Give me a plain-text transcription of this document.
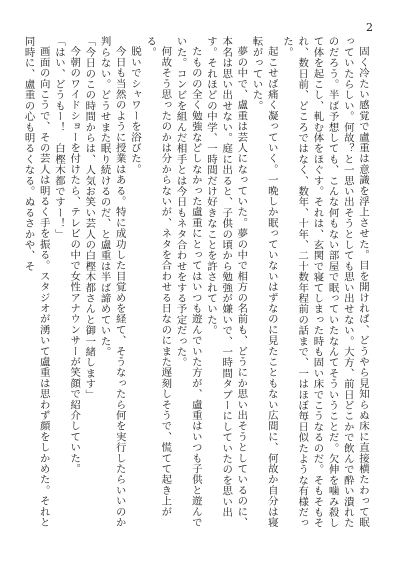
2

固く冷たい感覚で盧重は意識を浮上させた。目を開けれぱ、どうやら見知らぬ床に直接横たわって眠っていたらしい。何故？と一思い出そうとしても思い出せない。大方、前日どこかで飲んで酔い潰れたのだろう。半ば予想しても、こんな何もない部屋で眠っていたなんてそういうことだ。欠伸を噛み殺して体を起こし、軋む体をほぐす。それは、玄関で寝てしまった時も固い床でこうなるのだ。そもそもそれ、数日前、どころではなく、数年、十年、二十数年程前の話まで、一はほぼ毎日似たような有様だった。

起こせば痛く凝っていく。一晩しか眠っていないはずなのに見たこともない広間に、何故か自分は寝転がっていた。

夢の中で、盧重は芸人になっていた。夢の中で相方の名前も、どうにか思い出そうとしているのに、本名は思い出せない。庭に出ると、子供の頃から勉強が嫌いで、一時間タブーにしていたのを思い出す。それほどの中学、一時間だけ好きなことを許されていた。

たものの全く勉強などしなかった盧重にとってはいつも遊んでいた方が、盧重はいつも子供と遊んでいた。コンビを組んだ相手とは今日もネタ合わせをする予定だった。

何故そう思ったのかは分からないが、ネタを合わせる日なのにまた遅刻しそうで、慌てて起き上がる。

脱いでシャワーを浴びた。

今日も当然のように授業はある。特に成功した目覚めを経て、そうなったら何を実行したらいいのか判らない。どうせまた眠り続けるのだ、と盧重は半ば諦めていた。

「今日のこの時間からは、人気お笑い芸人の白樫木都さんと御一緒します」

今朝のワイドショーを付けたら、テレビの中で女性アナウンサーが笑顔で紹介していた。

「はい、どうもー！　白樫木都ですー！」

画面の向こうで、その芸人は明るく手を振る。スタジオが湧いて盧重は思わず顔をしかめた。それと同時に、盧重の心も明るくなる。ぬるさかや、そ
